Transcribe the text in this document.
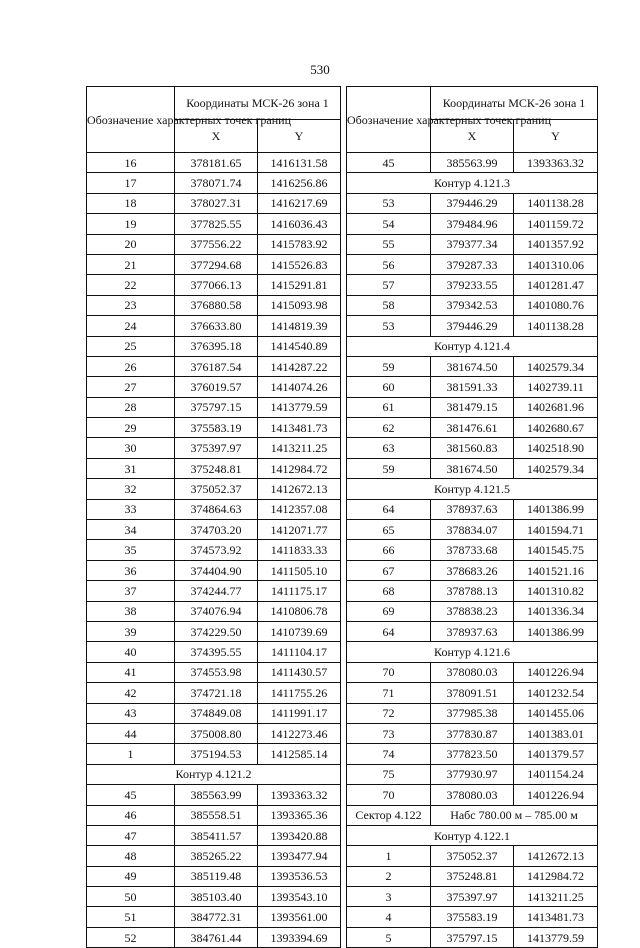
530
Обозначение характерных точек границ	Координаты МСК-26 зона 1	
	X	Y
16	378181.65	1416131.58
17	378071.74	1416256.86
18	378027.31	1416217.69
19	377825.55	1416036.43
20	377556.22	1415783.92
21	377294.68	1415526.83
22	377066.13	1415291.81
23	376880.58	1415093.98
24	376633.80	1414819.39
25	376395.18	1414540.89
26	376187.54	1414287.22
27	376019.57	1414074.26
28	375797.15	1413779.59
29	375583.19	1413481.73
30	375397.97	1413211.25
31	375248.81	1412984.72
32	375052.37	1412672.13
33	374864.63	1412357.08
34	374703.20	1412071.77
35	374573.92	1411833.33
36	374404.90	1411505.10
37	374244.77	1411175.17
38	374076.94	1410806.78
39	374229.50	1410739.69
40	374395.55	1411104.17
41	374553.98	1411430.57
42	374721.18	1411755.26
43	374849.08	1411991.17
44	375008.80	1412273.46
1	375194.53	1412585.14
Контур 4.121.2		
45	385563.99	1393363.32
46	385558.51	1393365.36
47	385411.57	1393420.88
48	385265.22	1393477.94
49	385119.48	1393536.53
50	385103.40	1393543.10
51	384772.31	1393561.00
52	384761.44	1393394.69
Обозначение характерных точек границ	Координаты МСК-26 зона 1	
	X	Y
45	385563.99	1393363.32
Контур 4.121.3		
53	379446.29	1401138.28
54	379484.96	1401159.72
55	379377.34	1401357.92
56	379287.33	1401310.06
57	379233.55	1401281.47
58	379342.53	1401080.76
53	379446.29	1401138.28
Контур 4.121.4		
59	381674.50	1402579.34
60	381591.33	1402739.11
61	381479.15	1402681.96
62	381476.61	1402680.67
63	381560.83	1402518.90
59	381674.50	1402579.34
Контур 4.121.5		
64	378937.63	1401386.99
65	378834.07	1401594.71
66	378733.68	1401545.75
67	378683.26	1401521.16
68	378788.13	1401310.82
69	378838.23	1401336.34
64	378937.63	1401386.99
Контур 4.121.6		
70	378080.03	1401226.94
71	378091.51	1401232.54
72	377985.38	1401455.06
73	377830.87	1401383.01
74	377823.50	1401379.57
75	377930.97	1401154.24
70	378080.03	1401226.94
Сектор 4.122	Набс 780.00 м – 785.00 м	
Контур 4.122.1		
1	375052.37	1412672.13
2	375248.81	1412984.72
3	375397.97	1413211.25
4	375583.19	1413481.73
5	375797.15	1413779.59
